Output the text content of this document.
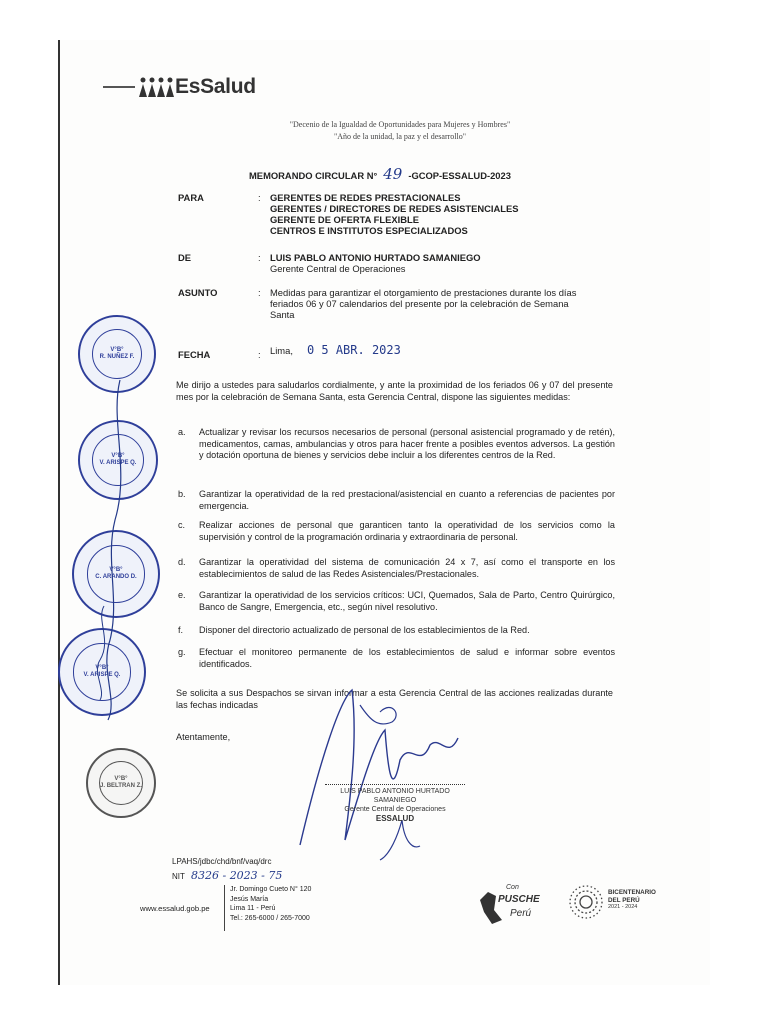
EsSalud
"Decenio de la Igualdad de Oportunidades para Mujeres y Hombres"
"Año de la unidad, la paz y el desarrollo"
MEMORANDO CIRCULAR N° 49 -GCOP-ESSALUD-2023
PARA	: GERENTES DE REDES PRESTACIONALES
GERENTES / DIRECTORES DE REDES ASISTENCIALES
GERENTE DE OFERTA FLEXIBLE
CENTROS E INSTITUTOS ESPECIALIZADOS
DE	: LUIS PABLO ANTONIO HURTADO SAMANIEGO
Gerente Central de Operaciones
ASUNTO	: Medidas para garantizar el otorgamiento de prestaciones durante los días
feriados 06 y 07 calendarios del presente por la celebración de Semana
Santa
FECHA	: Lima, 0 5 ABR. 2023
Me dirijo a ustedes para saludarlos cordialmente, y ante la proximidad de los feriados 06 y 07 del presente mes por la celebración de Semana Santa, esta Gerencia Central, dispone las siguientes medidas:
a.	Actualizar y revisar los recursos necesarios de personal (personal asistencial programado y de retén), medicamentos, camas, ambulancias y otros para hacer frente a posibles eventos adversos. La gestión y dotación oportuna de bienes y servicios debe incluir a los diferentes centros de la Red.
b.	Garantizar la operatividad de la red prestacional/asistencial en cuanto a referencias de pacientes por emergencia.
c.	Realizar acciones de personal que garanticen tanto la operatividad de los servicios como la supervisión y control de la programación ordinaria y extraordinaria de personal.
d.	Garantizar la operatividad del sistema de comunicación 24 x 7, así como el transporte en los establecimientos de salud de las Redes Asistenciales/Prestacionales.
e.	Garantizar la operatividad de los servicios críticos: UCI, Quemados, Sala de Parto, Centro Quirúrgico, Banco de Sangre, Emergencia, etc., según nivel resolutivo.
f.	Disponer del directorio actualizado de personal de los establecimientos de la Red.
g.	Efectuar el monitoreo permanente de los establecimientos de salud e informar sobre eventos identificados.
Se solicita a sus Despachos se sirvan informar a esta Gerencia Central de las acciones realizadas durante las fechas indicadas
Atentamente,
V°B°
R. NUÑEZ F.
V°B°
V. ARISPE Q.
V°B°
C. ARANDO D.
V°B°
V. ARISPE Q.
V°B°
J. BELTRAN Z.
LUIS PABLO ANTONIO HURTADO SAMANIEGO
Gerente Central de Operaciones
ESSALUD
LPAHS/jdbc/chd/bnf/vaq/drc
NIT 8326 - 2023 - 75
www.essalud.gob.pe
Jr. Domingo Cueto N° 120
Jesús María
Lima 11 - Perú
Tel.: 265-6000 / 265-7000
Con
PUSCHE
Perú
BICENTENARIO
DEL PERÚ
2021 - 2024
